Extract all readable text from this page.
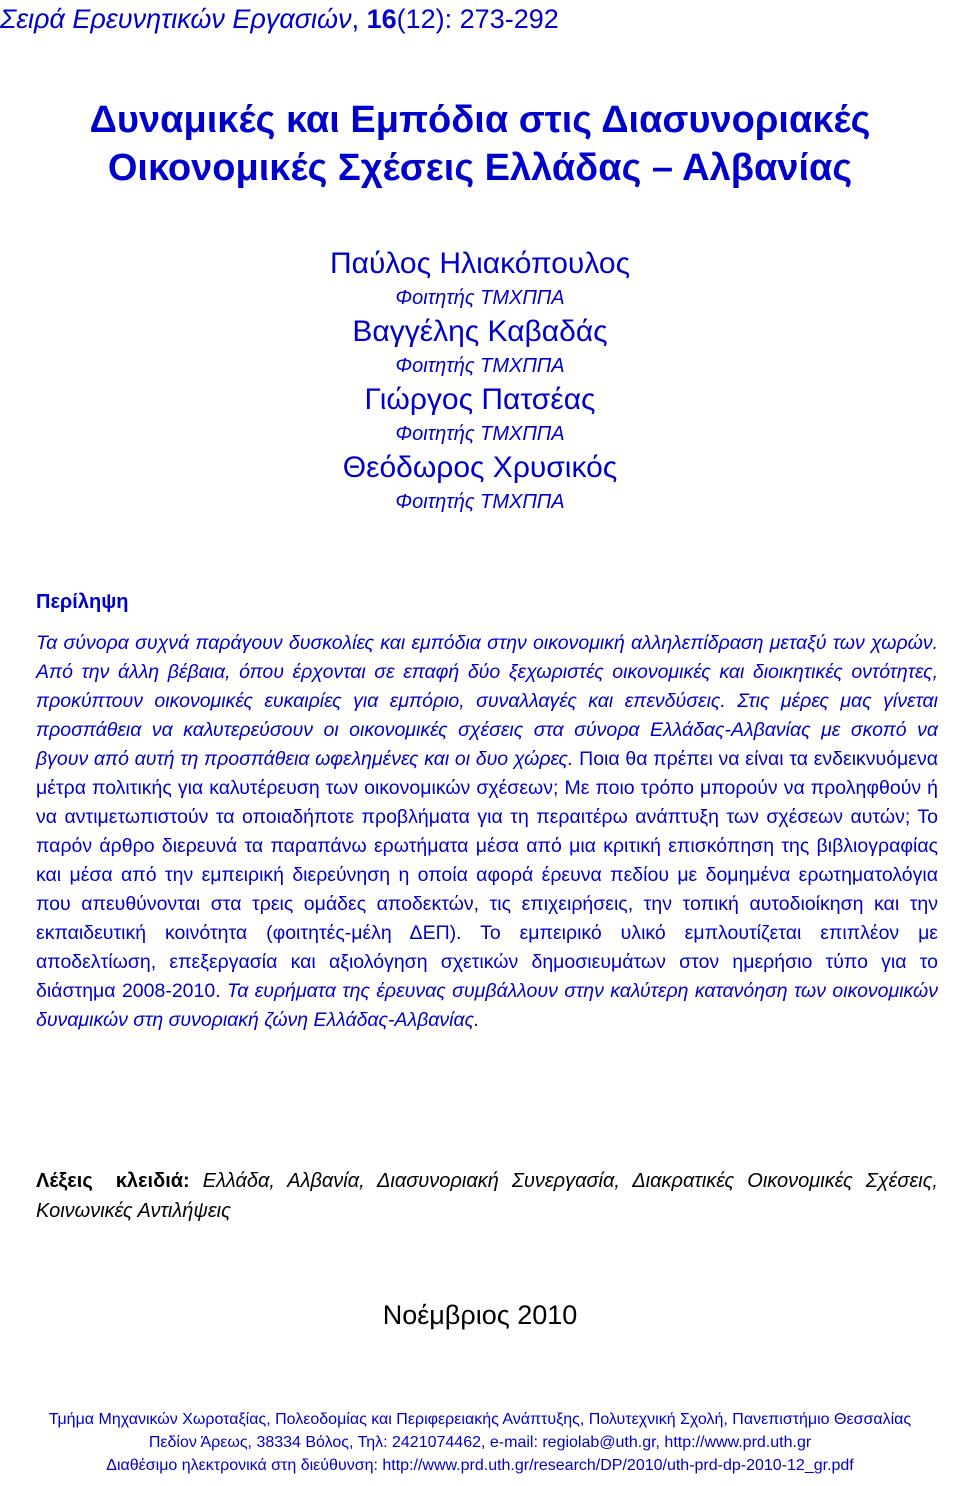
Σειρά Ερευνητικών Εργασιών, 16(12): 273-292
Δυναμικές και Εμπόδια στις Διασυνοριακές
Οικονομικές Σχέσεις Ελλάδας – Αλβανίας
Παύλος Ηλιακόπουλος
Φοιτητής ΤΜΧΠΠΑ
Βαγγέλης Καβαδάς
Φοιτητής ΤΜΧΠΠΑ
Γιώργος Πατσέας
Φοιτητής ΤΜΧΠΠΑ
Θεόδωρος Χρυσικός
Φοιτητής ΤΜΧΠΠΑ
Περίληψη

Τα σύνορα συχνά παράγουν δυσκολίες και εμπόδια στην οικονομική αλληλεπίδραση μεταξύ των χωρών. Από την άλλη βέβαια, όπου έρχονται σε επαφή δύο ξεχωριστές οικονομικές και διοικητικές οντότητες, προκύπτουν οικονομικές ευκαιρίες για εμπόριο, συναλλαγές και επενδύσεις. Στις μέρες μας γίνεται προσπάθεια να καλυτερεύσουν οι οικονομικές σχέσεις στα σύνορα Ελλάδας-Αλβανίας με σκοπό να βγουν από αυτή τη προσπάθεια ωφελημένες και οι δυο χώρες. Ποια θα πρέπει να είναι τα ενδεικνυόμενα μέτρα πολιτικής για καλυτέρευση των οικονομικών σχέσεων; Με ποιο τρόπο μπορούν να προληφθούν ή να αντιμετωπιστούν τα οποιαδήποτε προβλήματα για τη περαιτέρω ανάπτυξη των σχέσεων αυτών; Το παρόν άρθρο διερευνά τα παραπάνω ερωτήματα μέσα από μια κριτική επισκόπηση της βιβλιογραφίας και μέσα από την εμπειρική διερεύνηση η οποία αφορά έρευνα πεδίου με δομημένα ερωτηματολόγια που απευθύνονται στα τρεις ομάδες αποδεκτών, τις επιχειρήσεις, την τοπική αυτοδιοίκηση και την εκπαιδευτική κοινότητα (φοιτητές-μέλη ΔΕΠ). Το εμπειρικό υλικό εμπλουτίζεται επιπλέον με αποδελτίωση, επεξεργασία και αξιολόγηση σχετικών δημοσιευμάτων στον ημερήσιο τύπο για το διάστημα 2008-2010. Τα ευρήματα της έρευνας συμβάλλουν στην καλύτερη κατανόηση των οικονομικών δυναμικών στη συνοριακή ζώνη Ελλάδας-Αλβανίας.

Λέξεις κλειδιά: Ελλάδα, Αλβανία, Διασυνοριακή Συνεργασία, Διακρατικές Οικονομικές Σχέσεις, Κοινωνικές Αντιλήψεις

Νοέμβριος 2010
Τμήμα Μηχανικών Χωροταξίας, Πολεοδομίας και Περιφερειακής Ανάπτυξης, Πολυτεχνική Σχολή, Πανεπιστήμιο Θεσσαλίας
Πεδίον Άρεως, 38334 Βόλος, Τηλ: 2421074462, e-mail: regiolab@uth.gr, http://www.prd.uth.gr
Διαθέσιμο ηλεκτρονικά στη διεύθυνση: http://www.prd.uth.gr/research/DP/2010/uth-prd-dp-2010-12_gr.pdf
